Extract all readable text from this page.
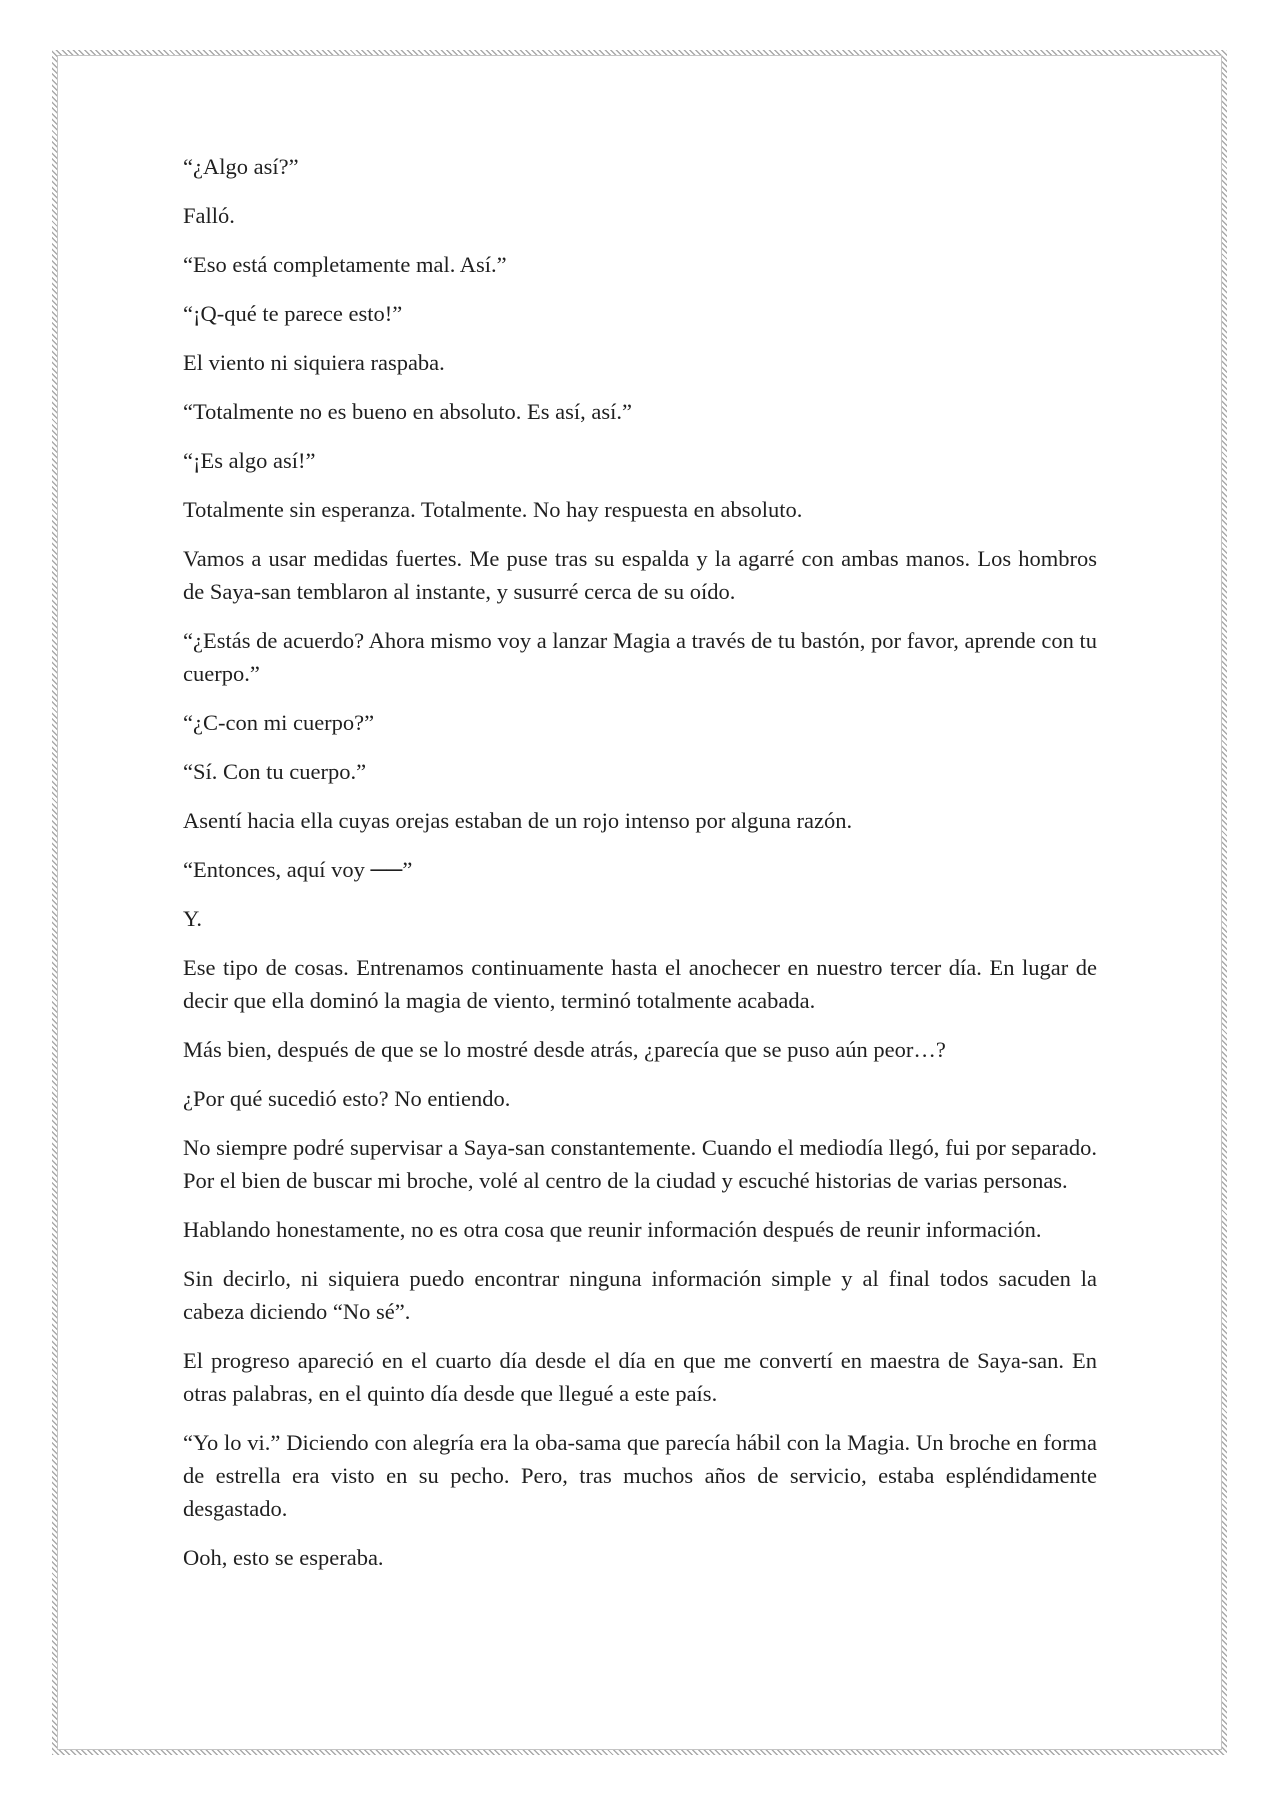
“¿Algo así?”

Falló.

“Eso está completamente mal. Así.”

“¡Q-qué te parece esto!”

El viento ni siquiera raspaba.

“Totalmente no es bueno en absoluto. Es así, así.”

“¡Es algo así!”

Totalmente sin esperanza. Totalmente. No hay respuesta en absoluto.

Vamos a usar medidas fuertes. Me puse tras su espalda y la agarré con ambas manos. Los hombros de Saya-san temblaron al instante, y susurré cerca de su oído.

“¿Estás de acuerdo? Ahora mismo voy a lanzar Magia a través de tu bastón, por favor, aprende con tu cuerpo.”

“¿C-con mi cuerpo?”

“Sí. Con tu cuerpo.”

Asentí hacia ella cuyas orejas estaban de un rojo intenso por alguna razón.

“Entonces, aquí voy ──”

Y.

Ese tipo de cosas. Entrenamos continuamente hasta el anochecer en nuestro tercer día. En lugar de decir que ella dominó la magia de viento, terminó totalmente acabada.

Más bien, después de que se lo mostré desde atrás, ¿parecía que se puso aún peor…?

¿Por qué sucedió esto? No entiendo.

No siempre podré supervisar a Saya-san constantemente. Cuando el mediodía llegó, fui por separado. Por el bien de buscar mi broche, volé al centro de la ciudad y escuché historias de varias personas.

Hablando honestamente, no es otra cosa que reunir información después de reunir información.

Sin decirlo, ni siquiera puedo encontrar ninguna información simple y al final todos sacuden la cabeza diciendo “No sé”.

El progreso apareció en el cuarto día desde el día en que me convertí en maestra de Saya-san. En otras palabras, en el quinto día desde que llegué a este país.

“Yo lo vi.” Diciendo con alegría era la oba-sama que parecía hábil con la Magia. Un broche en forma de estrella era visto en su pecho. Pero, tras muchos años de servicio, estaba espléndidamente desgastado.

Ooh, esto se esperaba.
